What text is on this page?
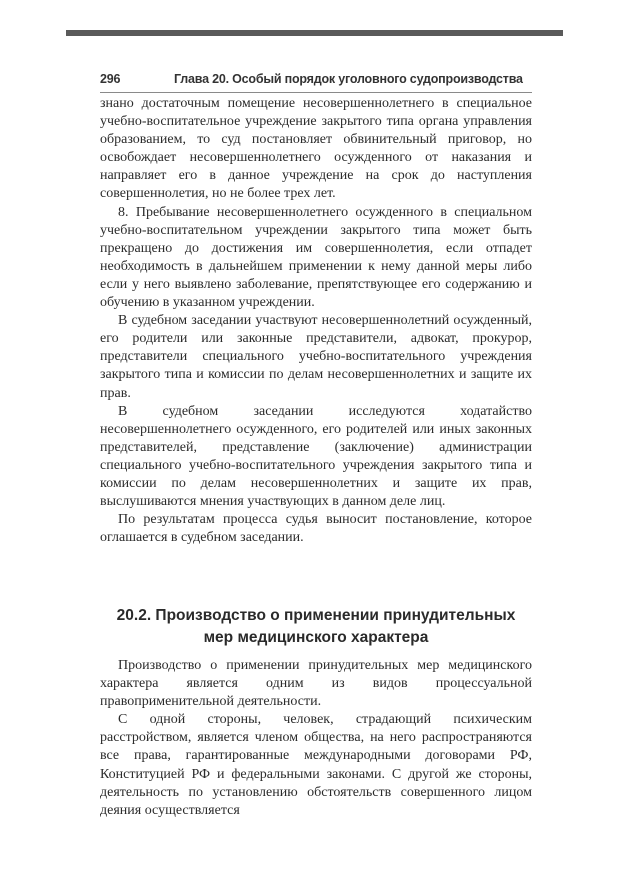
296	Глава 20. Особый порядок уголовного судопроизводства

знано достаточным помещение несовершеннолетнего в специальное учебно-воспитательное учреждение закрытого типа органа управления образованием, то суд постановляет обвинительный приговор, но освобождает несовершеннолетнего осужденного от наказания и направляет его в данное учреждение на срок до наступления совершеннолетия, но не более трех лет.

8. Пребывание несовершеннолетнего осужденного в специальном учебно-воспитательном учреждении закрытого типа может быть прекращено до достижения им совершеннолетия, если отпадет необходимость в дальнейшем применении к нему данной меры либо если у него выявлено заболевание, препятствующее его содержанию и обучению в указанном учреждении.

В судебном заседании участвуют несовершеннолетний осужденный, его родители или законные представители, адвокат, прокурор, представители специального учебно-воспитательного учреждения закрытого типа и комиссии по делам несовершеннолетних и защите их прав.

В судебном заседании исследуются ходатайство несовершеннолетнего осужденного, его родителей или иных законных представителей, представление (заключение) администрации специального учебно-воспитательного учреждения закрытого типа и комиссии по делам несовершеннолетних и защите их прав, выслушиваются мнения участвующих в данном деле лиц.

По результатам процесса судья выносит постановление, которое оглашается в судебном заседании.

20.2. Производство о применении принудительных мер медицинского характера

Производство о применении принудительных мер медицинского характера является одним из видов процессуальной правоприменительной деятельности.

С одной стороны, человек, страдающий психическим расстройством, является членом общества, на него распространяются все права, гарантированные международными договорами РФ, Конституцией РФ и федеральными законами. С другой же стороны, деятельность по установлению обстоятельств совершенного лицом деяния осуществляется
